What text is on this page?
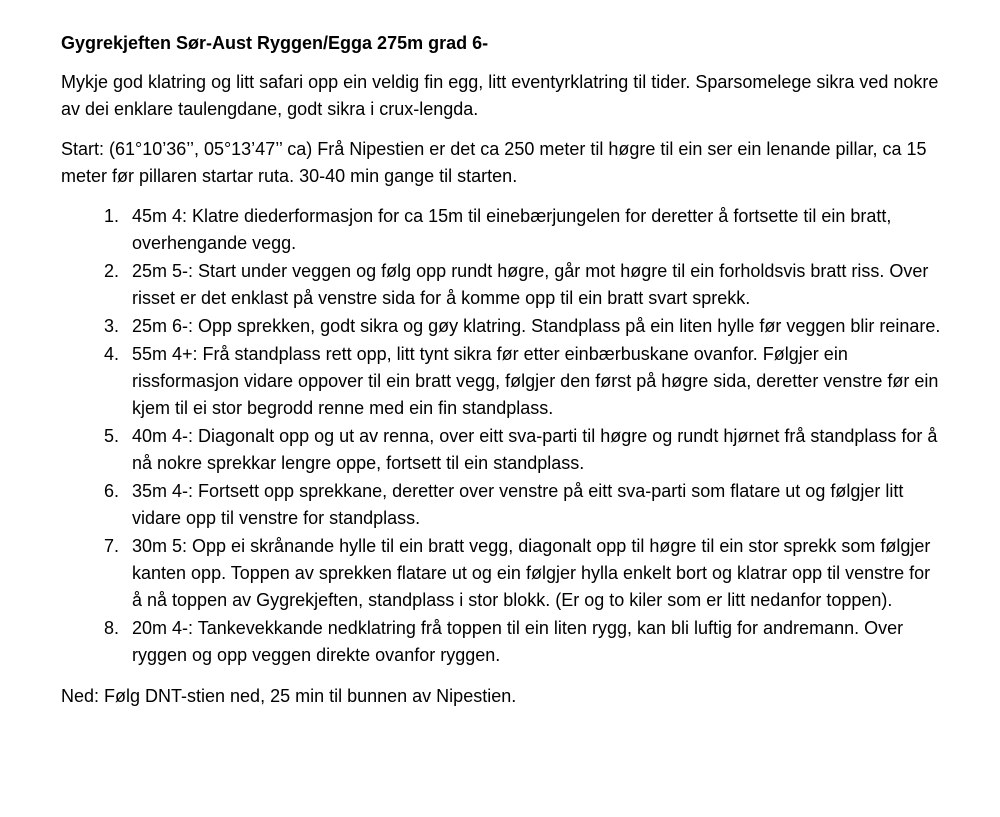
Gygrekjeften Sør-Aust Ryggen/Egga 275m grad 6-

Mykje god klatring og litt safari opp ein veldig fin egg, litt eventyrklatring til tider. Sparsomelege sikra ved nokre av dei enklare taulengdane, godt sikra i crux-lengda.

Start: (61°10’36’’, 05°13’47’’ ca) Frå Nipestien er det ca 250 meter til høgre til ein ser ein lenande pillar, ca 15 meter før pillaren startar ruta. 30-40 min gange til starten.

1. 45m 4: Klatre diederformasjon for ca 15m til einebærjungelen for deretter å fortsette til ein bratt, overhengande vegg.
2. 25m 5-: Start under veggen og følg opp rundt høgre, går mot høgre til ein forholdsvis bratt riss. Over risset er det enklast på venstre sida for å komme opp til ein bratt svart sprekk.
3. 25m 6-: Opp sprekken, godt sikra og gøy klatring. Standplass på ein liten hylle før veggen blir reinare.
4. 55m 4+: Frå standplass rett opp, litt tynt sikra før etter einbærbuskane ovanfor. Følgjer ein rissformasjon vidare oppover til ein bratt vegg, følgjer den først på høgre sida, deretter venstre før ein kjem til ei stor begrodd renne med ein fin standplass.
5. 40m 4-: Diagonalt opp og ut av renna, over eitt sva-parti til høgre og rundt hjørnet frå standplass for å nå nokre sprekkar lengre oppe, fortsett til ein standplass.
6. 35m 4-: Fortsett opp sprekkane, deretter over venstre på eitt sva-parti som flatare ut og følgjer litt vidare opp til venstre for standplass.
7. 30m 5: Opp ei skrånande hylle til ein bratt vegg, diagonalt opp til høgre til ein stor sprekk som følgjer kanten opp. Toppen av sprekken flatare ut og ein følgjer hylla enkelt bort og klatrar opp til venstre for å nå toppen av Gygrekjeften, standplass i stor blokk. (Er og to kiler som er litt nedanfor toppen).
8. 20m 4-: Tankevekkande nedklatring frå toppen til ein liten rygg, kan bli luftig for andremann. Over ryggen og opp veggen direkte ovanfor ryggen.

Ned: Følg DNT-stien ned, 25 min til bunnen av Nipestien.
